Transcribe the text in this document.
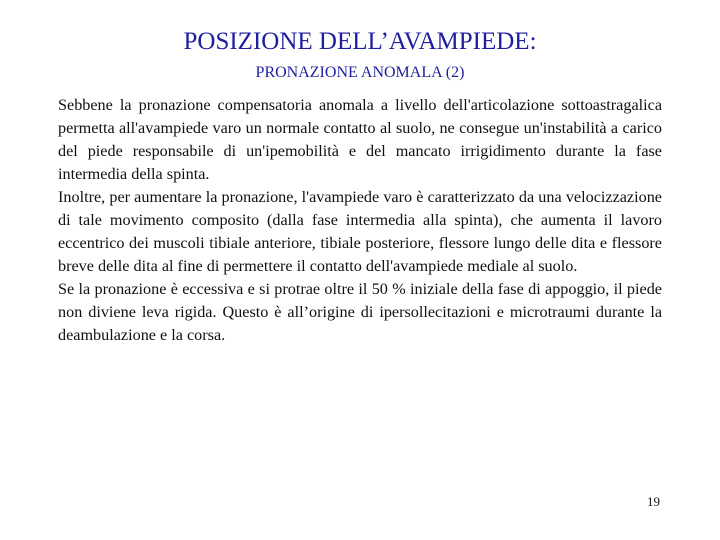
POSIZIONE DELL’AVAMPIEDE:
PRONAZIONE ANOMALA (2)

Sebbene la pronazione compensatoria anomala a livello dell'articolazione sottoastragalica permetta all'avampiede varo un normale contatto al suolo, ne consegue un'instabilità a carico del piede responsabile di un'ipemobilità e del mancato irrigidimento durante la fase intermedia della spinta.

Inoltre, per aumentare la pronazione, l'avampiede varo è caratterizzato da una velocizzazione di tale movimento composito (dalla fase intermedia alla spinta), che aumenta il lavoro eccentrico dei muscoli tibiale anteriore, tibiale posteriore, flessore lungo delle dita e flessore breve delle dita al fine di permettere il contatto dell'avampiede mediale al suolo.

Se la pronazione è eccessiva e si protrae oltre il 50 % iniziale della fase di appoggio, il piede non diviene leva rigida. Questo è all’origine di ipersollecitazioni e microtraumi durante la deambulazione e la corsa.

19
